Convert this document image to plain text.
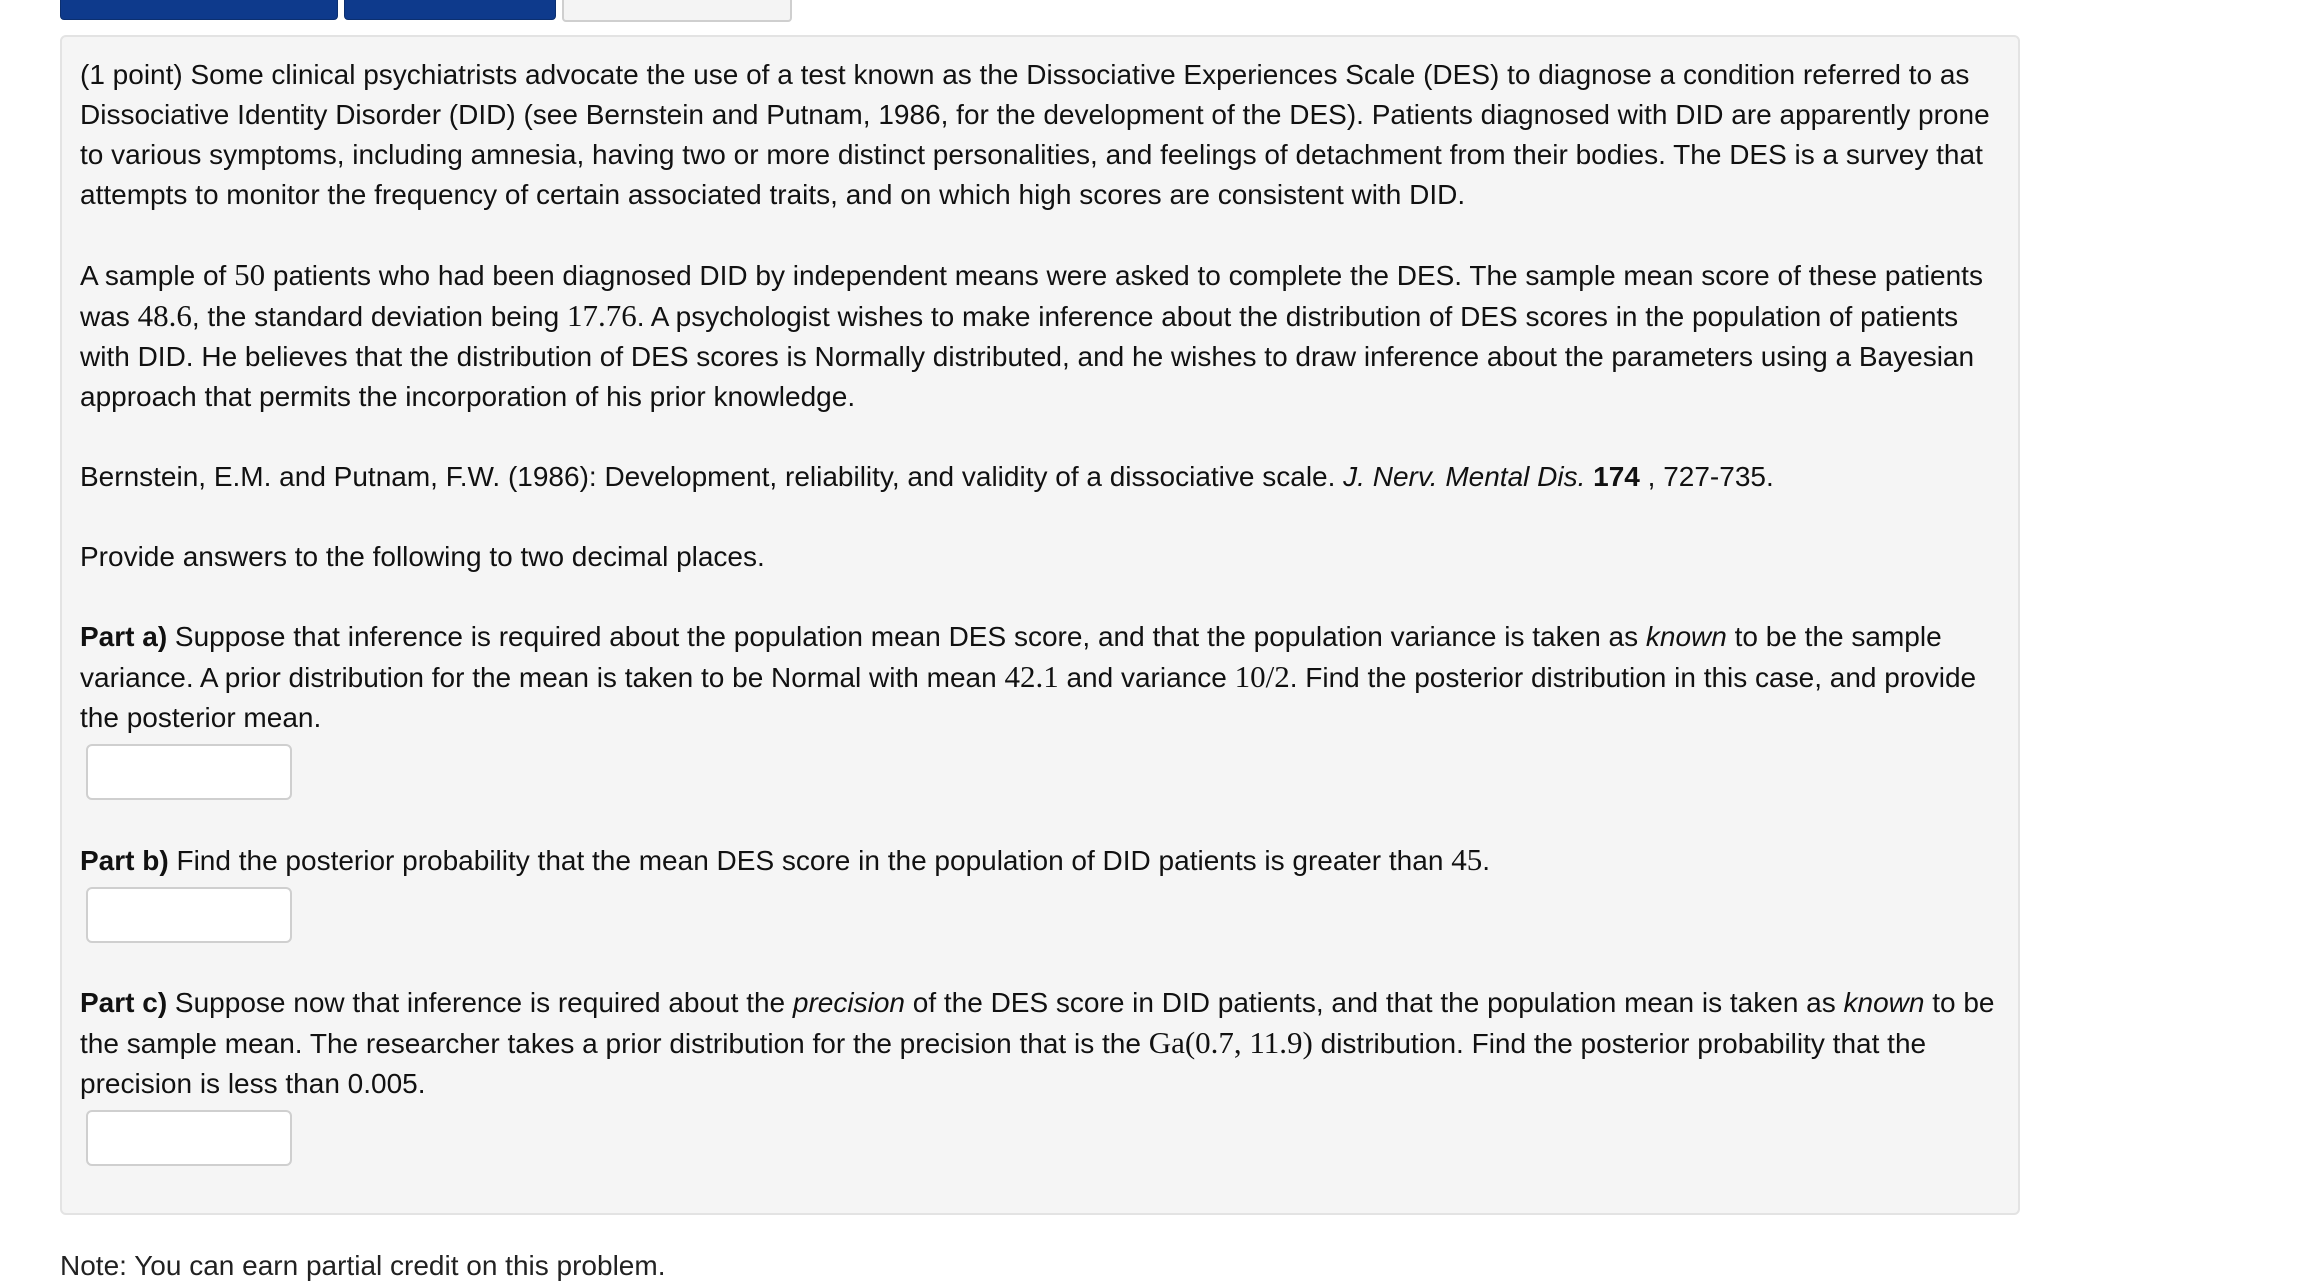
(1 point) Some clinical psychiatrists advocate the use of a test known as the Dissociative Experiences Scale (DES) to diagnose a condition referred to as Dissociative Identity Disorder (DID) (see Bernstein and Putnam, 1986, for the development of the DES). Patients diagnosed with DID are apparently prone to various symptoms, including amnesia, having two or more distinct personalities, and feelings of detachment from their bodies. The DES is a survey that attempts to monitor the frequency of certain associated traits, and on which high scores are consistent with DID.

A sample of 50 patients who had been diagnosed DID by independent means were asked to complete the DES. The sample mean score of these patients was 48.6, the standard deviation being 17.76. A psychologist wishes to make inference about the distribution of DES scores in the population of patients with DID. He believes that the distribution of DES scores is Normally distributed, and he wishes to draw inference about the parameters using a Bayesian approach that permits the incorporation of his prior knowledge.

Bernstein, E.M. and Putnam, F.W. (1986): Development, reliability, and validity of a dissociative scale. J. Nerv. Mental Dis. 174 , 727-735.

Provide answers to the following to two decimal places.

Part a) Suppose that inference is required about the population mean DES score, and that the population variance is taken as known to be the sample variance. A prior distribution for the mean is taken to be Normal with mean 42.1 and variance 10/2. Find the posterior distribution in this case, and provide the posterior mean.

Part b) Find the posterior probability that the mean DES score in the population of DID patients is greater than 45.

Part c) Suppose now that inference is required about the precision of the DES score in DID patients, and that the population mean is taken as known to be the sample mean. The researcher takes a prior distribution for the precision that is the Ga(0.7, 11.9) distribution. Find the posterior probability that the precision is less than 0.005.

Note: You can earn partial credit on this problem.
